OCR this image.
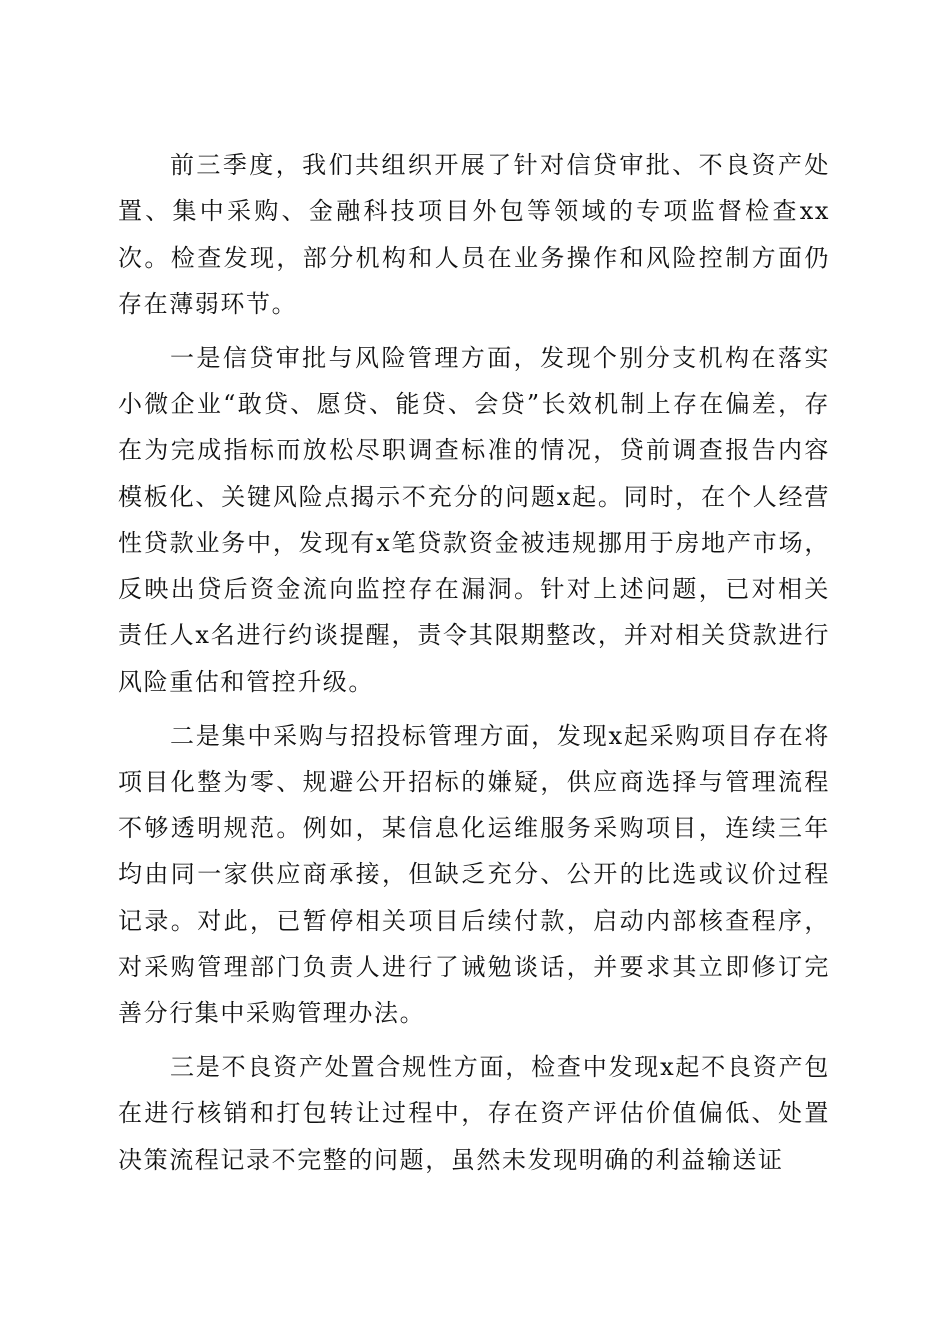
前三季度，我们共组织开展了针对信贷审批、不良资产处置、集中采购、金融科技项目外包等领域的专项监督检查xx次。检查发现，部分机构和人员在业务操作和风险控制方面仍存在薄弱环节。

一是信贷审批与风险管理方面，发现个别分支机构在落实小微企业“敢贷、愿贷、能贷、会贷”长效机制上存在偏差，存在为完成指标而放松尽职调查标准的情况，贷前调查报告内容模板化、关键风险点揭示不充分的问题x起。同时，在个人经营性贷款业务中，发现有x笔贷款资金被违规挪用于房地产市场，反映出贷后资金流向监控存在漏洞。针对上述问题，已对相关责任人x名进行约谈提醒，责令其限期整改，并对相关贷款进行风险重估和管控升级。

二是集中采购与招投标管理方面，发现x起采购项目存在将项目化整为零、规避公开招标的嫌疑，供应商选择与管理流程不够透明规范。例如，某信息化运维服务采购项目，连续三年均由同一家供应商承接，但缺乏充分、公开的比选或议价过程记录。对此，已暂停相关项目后续付款，启动内部核查程序，对采购管理部门负责人进行了诫勉谈话，并要求其立即修订完善分行集中采购管理办法。

三是不良资产处置合规性方面，检查中发现x起不良资产包在进行核销和打包转让过程中，存在资产评估价值偏低、处置决策流程记录不完整的问题，虽然未发现明确的利益输送证
